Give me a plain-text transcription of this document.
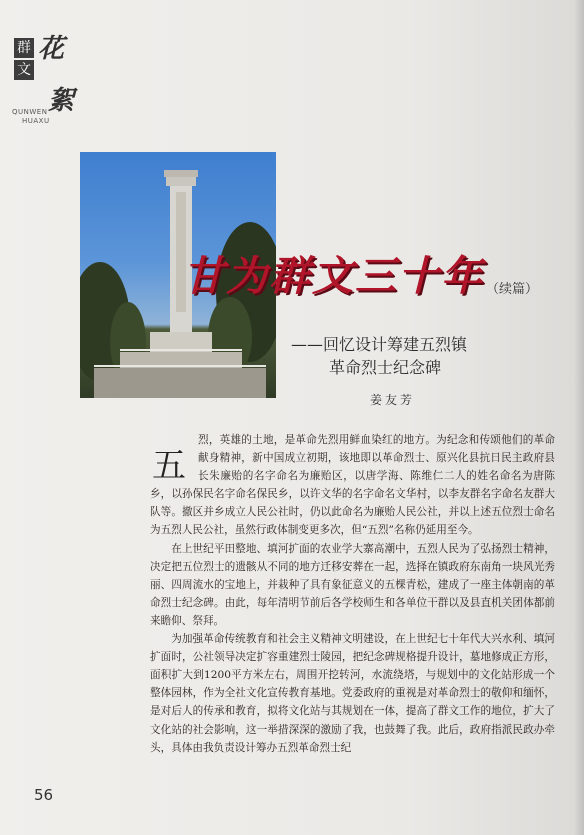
群
文
花
絮
QUNWEN
HUAXU
甘为群文三十年 （续篇）
——回忆设计筹建五烈镇
革命烈士纪念碑
姜友芳

五
烈，英雄的土地，是革命先烈用鲜血染红的地方。为纪念和传颂他们的革命献身精神，新中国成立初期，该地即以革命烈士、原兴化县抗日民主政府县长朱廉贻的名字命名为廉贻区，以唐学海、陈维仁二人的姓名命名为唐陈乡，以孙保民名字命名保民乡，以许文华的名字命名文华村，以李友群名字命名友群大队等。撤区并乡成立人民公社时，仍以此命名为廉贻人民公社，并以上述五位烈士命名为五烈人民公社，虽然行政体制变更多次，但“五烈”名称仍延用至今。

在上世纪平田整地、填河扩面的农业学大寨高潮中，五烈人民为了弘扬烈士精神，决定把五位烈士的遗骸从不同的地方迁移安葬在一起，选择在镇政府东南角一块风光秀丽、四周流水的宝地上，并栽种了具有象征意义的五棵青松，建成了一座主体朝南的革命烈士纪念碑。由此，每年清明节前后各学校师生和各单位干群以及县直机关团体都前来瞻仰、祭拜。

为加强革命传统教育和社会主义精神文明建设，在上世纪七十年代大兴水利、填河扩面时，公社领导决定扩容重建烈士陵园，把纪念碑规格提升设计，墓地修成正方形，面积扩大到1200平方米左右，周围开挖转河，水流绕塔，与规划中的文化站形成一个整体园林，作为全社文化宣传教育基地。党委政府的重视是对革命烈士的敬仰和缅怀，是对后人的传承和教育，拟将文化站与其规划在一体，提高了群文工作的地位，扩大了文化站的社会影响，这一举措深深的激励了我，也鼓舞了我。此后，政府指派民政办牵头，具体由我负责设计筹办五烈革命烈士纪

56
